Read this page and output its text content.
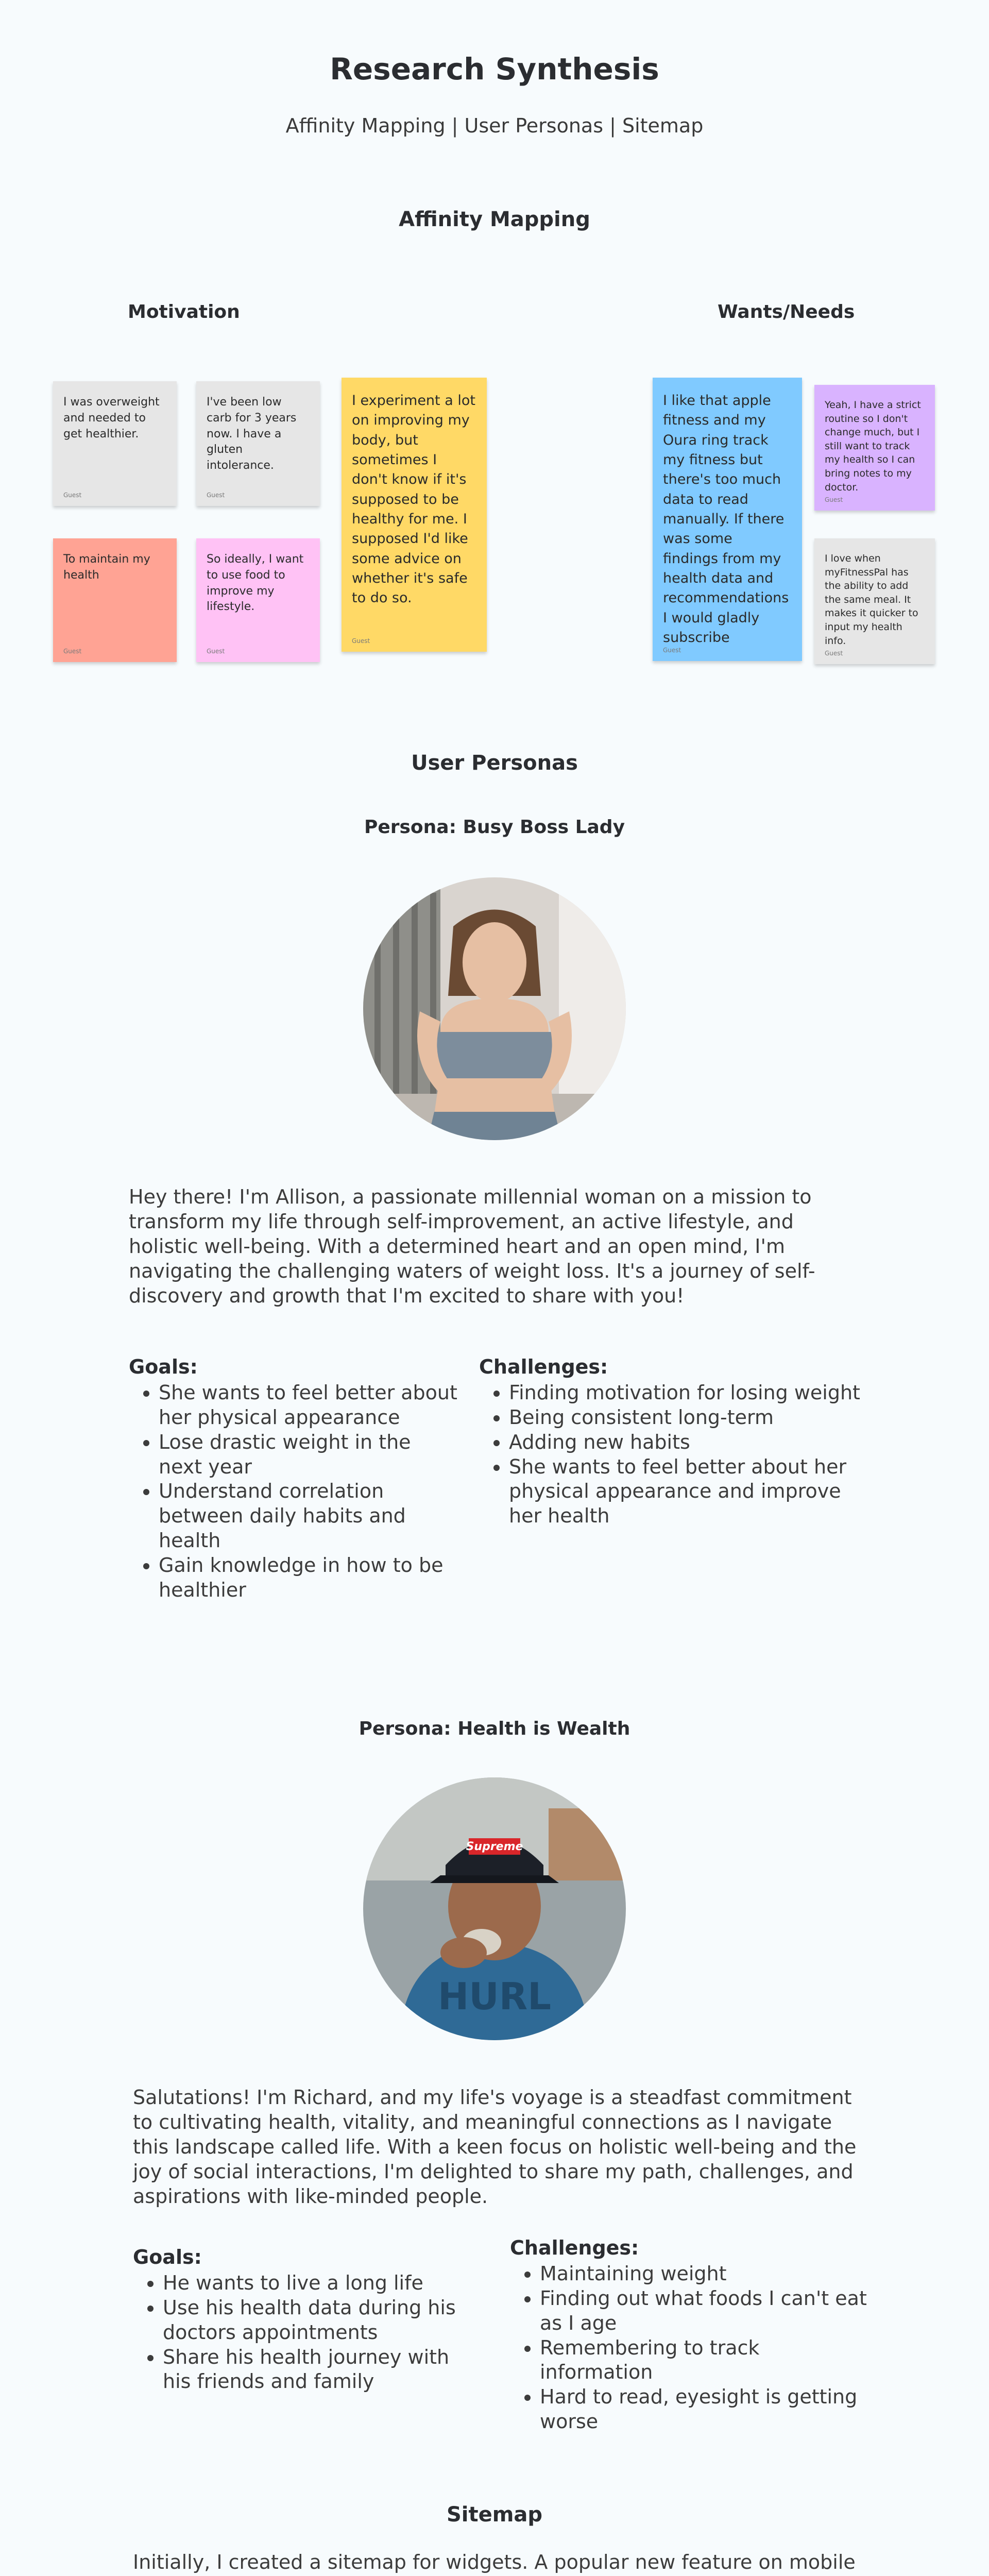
Research Synthesis
Affinity Mapping | User Personas | Sitemap
Affinity Mapping
Motivation	Wants/Needs
I was overweight and needed to get healthier.
Guest
I've been low carb for 3 years now. I have a gluten intolerance.
Guest
I experiment a lot on improving my body, but sometimes I don't know if it's supposed to be healthy for me. I supposed I'd like some advice on whether it's safe to do so.
Guest
To maintain my health
Guest
So ideally, I want to use food to improve my lifestyle.
Guest
I like that apple fitness and my Oura ring track my fitness but there's too much data to read manually. If there was some findings from my health data and recommendations I would gladly subscribe
Guest
Yeah, I have a strict routine so I don't change much, but I still want to track my health so I can bring notes to my doctor.
Guest
I love when myFitnessPal has the ability to add the same meal. It makes it quicker to input my health info.
Guest
User Personas
Persona: Busy Boss Lady
Hey there! I'm Allison, a passionate millennial woman on a mission to transform my life through self-improvement, an active lifestyle, and holistic well-being. With a determined heart and an open mind, I'm navigating the challenging waters of weight loss. It's a journey of self-discovery and growth that I'm excited to share with you!
Goals:
• She wants to feel better about her physical appearance
• Lose drastic weight in the next year
• Understand correlation between daily habits and health
• Gain knowledge in how to be healthier
Challenges:
• Finding motivation for losing weight
• Being consistent long-term
• Adding new habits
• She wants to feel better about her physical appearance and improve her health
Persona: Health is Wealth
HURL
Supreme
Salutations! I'm Richard, and my life's voyage is a steadfast commitment to cultivating health, vitality, and meaningful connections as I navigate this landscape called life. With a keen focus on holistic well-being and the joy of social interactions, I'm delighted to share my path, challenges, and aspirations with like-minded people.
Goals:
• He wants to live a long life
• Use his health data during his doctors appointments
• Share his health journey with his friends and family
Challenges:
• Maintaining weight
• Finding out what foods I can't eat as I age
• Remembering to track information
• Hard to read, eyesight is getting worse
Sitemap
Initially, I created a sitemap for widgets. A popular new feature on mobile
